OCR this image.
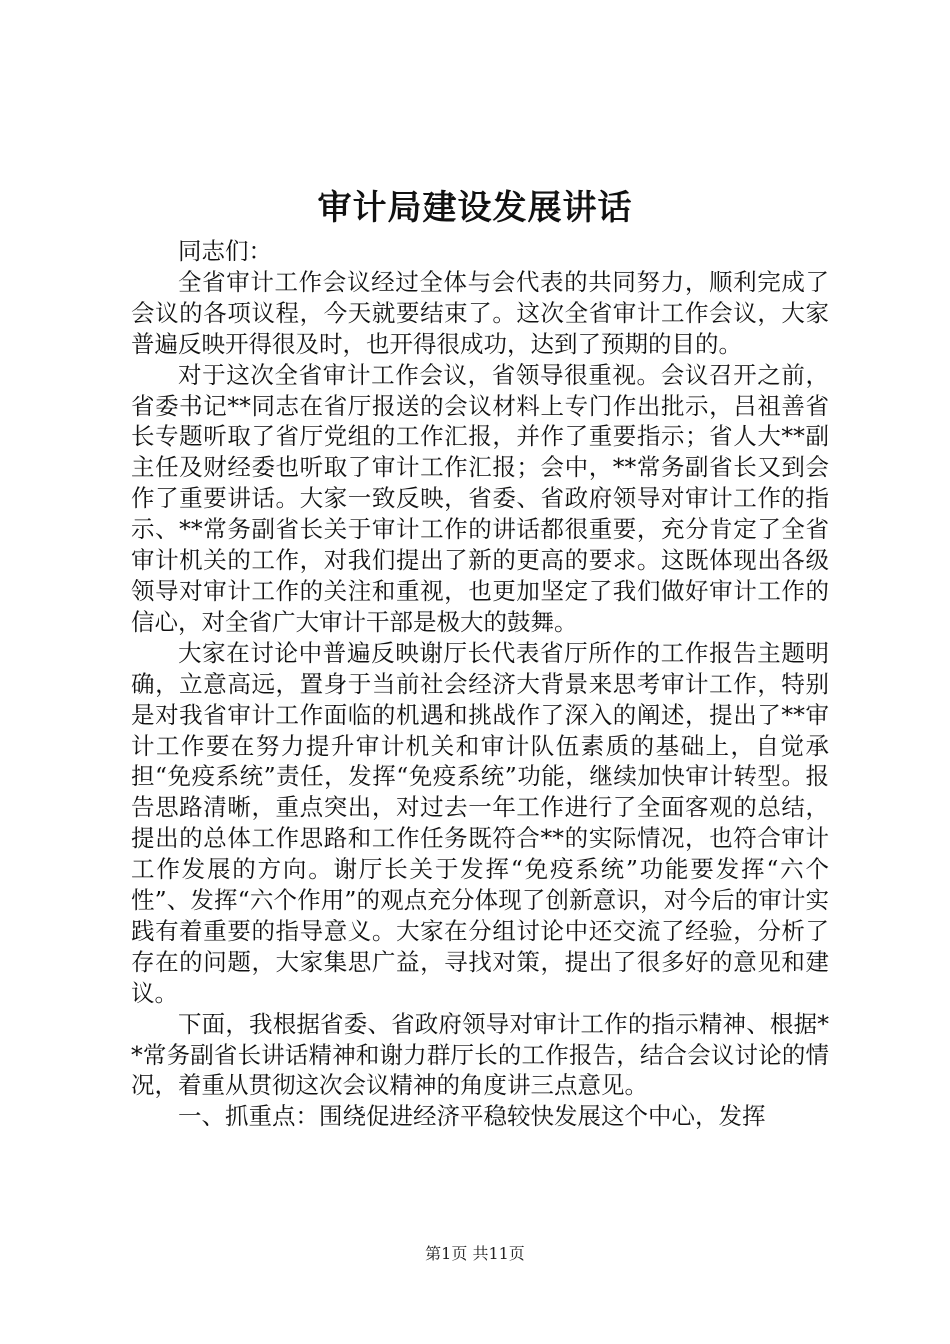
审计局建设发展讲话

同志们：

全省审计工作会议经过全体与会代表的共同努力，顺利完成了会议的各项议程，今天就要结束了。这次全省审计工作会议，大家普遍反映开得很及时，也开得很成功，达到了预期的目的。

对于这次全省审计工作会议，省领导很重视。会议召开之前，省委书记**同志在省厅报送的会议材料上专门作出批示，吕祖善省长专题听取了省厅党组的工作汇报，并作了重要指示；省人大**副主任及财经委也听取了审计工作汇报；会中，**常务副省长又到会作了重要讲话。大家一致反映，省委、省政府领导对审计工作的指示、**常务副省长关于审计工作的讲话都很重要，充分肯定了全省审计机关的工作，对我们提出了新的更高的要求。这既体现出各级领导对审计工作的关注和重视，也更加坚定了我们做好审计工作的信心，对全省广大审计干部是极大的鼓舞。

大家在讨论中普遍反映谢厅长代表省厅所作的工作报告主题明确，立意高远，置身于当前社会经济大背景来思考审计工作，特别是对我省审计工作面临的机遇和挑战作了深入的阐述，提出了**审计工作要在努力提升审计机关和审计队伍素质的基础上，自觉承担“免疫系统”责任，发挥“免疫系统”功能，继续加快审计转型。报告思路清晰，重点突出，对过去一年工作进行了全面客观的总结，提出的总体工作思路和工作任务既符合**的实际情况，也符合审计工作发展的方向。谢厅长关于发挥“免疫系统”功能要发挥“六个性”、发挥“六个作用”的观点充分体现了创新意识，对今后的审计实践有着重要的指导意义。大家在分组讨论中还交流了经验，分析了存在的问题，大家集思广益，寻找对策，提出了很多好的意见和建议。

下面，我根据省委、省政府领导对审计工作的指示精神、根据**常务副省长讲话精神和谢力群厅长的工作报告，结合会议讨论的情况，着重从贯彻这次会议精神的角度讲三点意见。

一、抓重点：围绕促进经济平稳较快发展这个中心，发挥

第1页 共11页
